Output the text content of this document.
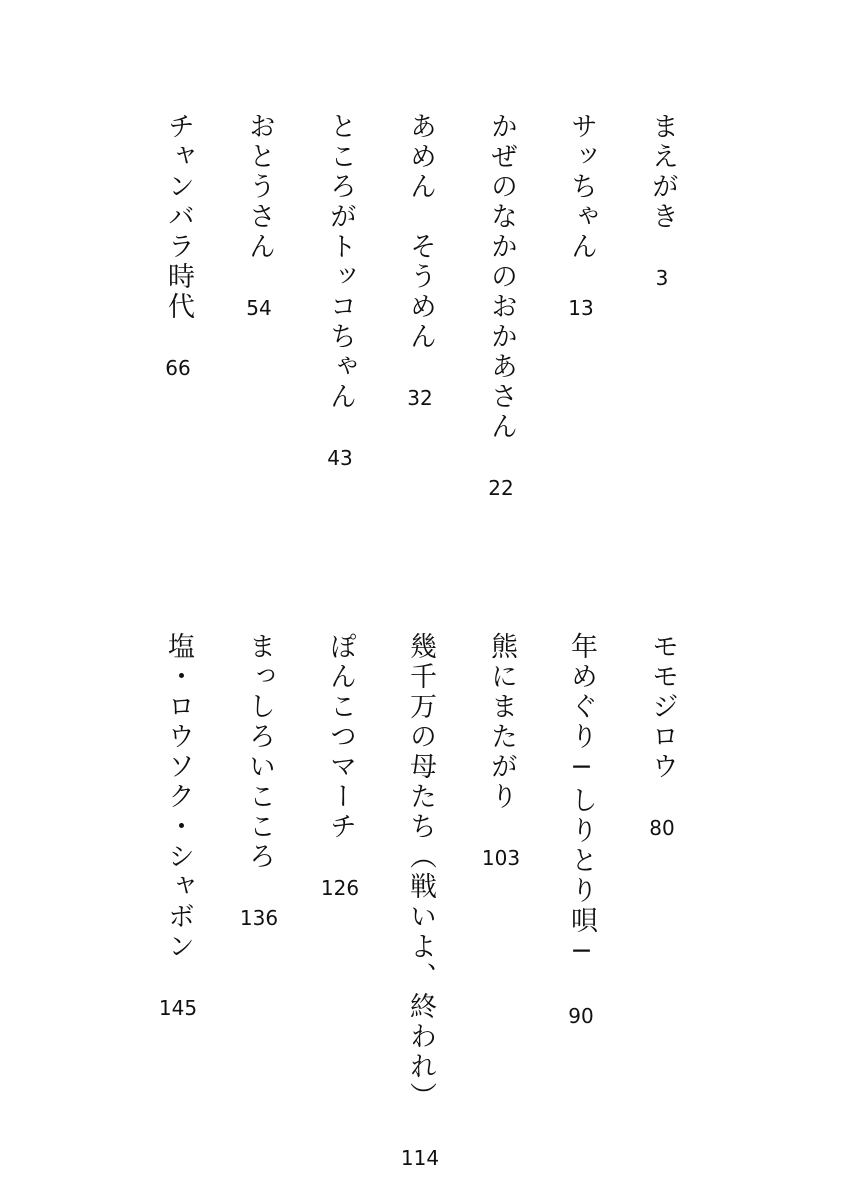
まえがき
3
サッちゃん
13
かぜのなかのおかあさん
22
あめん　そうめん
32
ところがトッコちゃん
43
おとうさん
54
チャンバラ時代
66
モモジロウ
80
年めぐり─しりとり唄─
90
熊にまたがり
103
幾千万の母たち（戦いよ、終われ）
114
ぽんこつマーチ
126
まっしろいこころ
136
塩・ロウソク・シャボン
145
